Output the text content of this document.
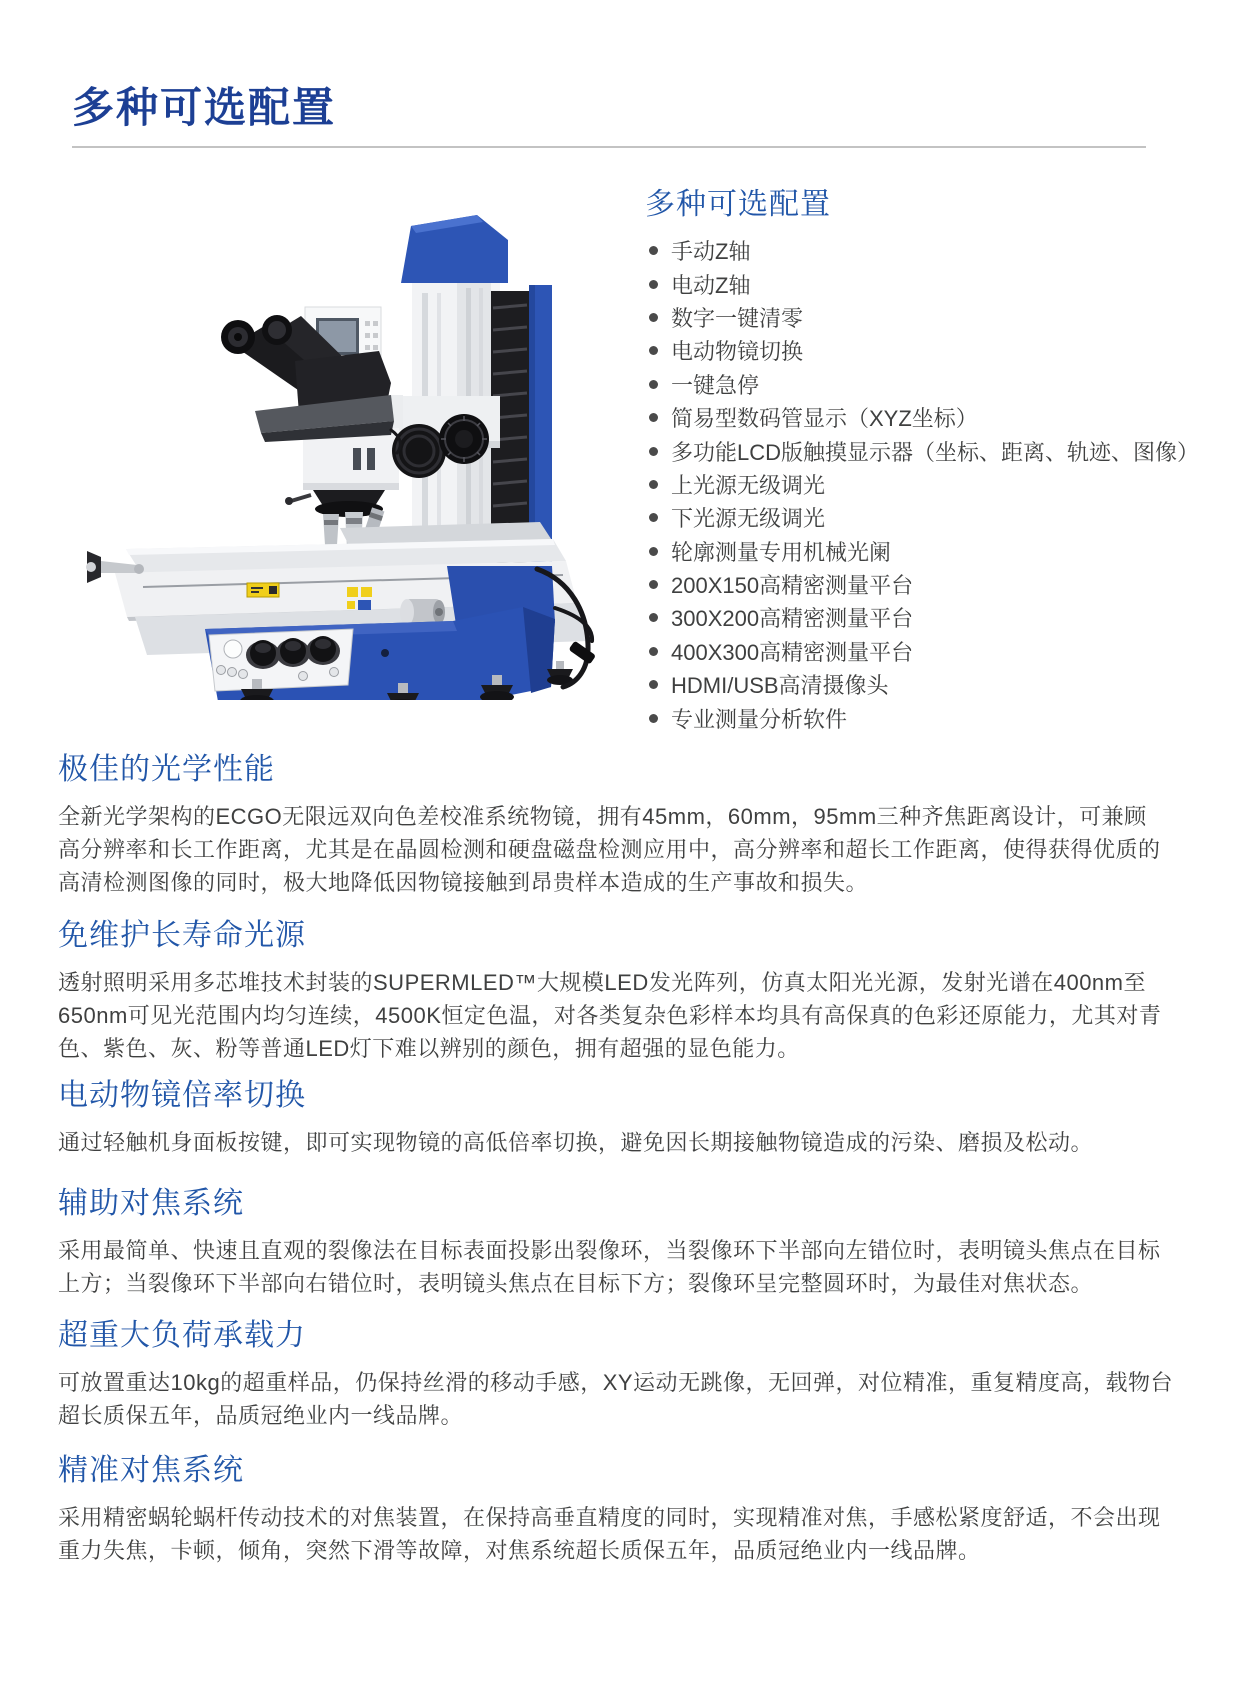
多种可选配置
多种可选配置
手动Z轴
电动Z轴
数字一键清零
电动物镜切换
一键急停
简易型数码管显示（XYZ坐标）
多功能LCD版触摸显示器（坐标、距离、轨迹、图像）
上光源无级调光
下光源无级调光
轮廓测量专用机械光阑
200X150高精密测量平台
300X200高精密测量平台
400X300高精密测量平台
HDMI/USB高清摄像头
专业测量分析软件
极佳的光学性能

全新光学架构的ECGO无限远双向色差校准系统物镜，拥有45mm，60mm，95mm三种齐焦距离设计，可兼顾

高分辨率和长工作距离，尤其是在晶圆检测和硬盘磁盘检测应用中，高分辨率和超长工作距离，使得获得优质的

高清检测图像的同时，极大地降低因物镜接触到昂贵样本造成的生产事故和损失。

免维护长寿命光源

透射照明采用多芯堆技术封装的SUPERMLED™大规模LED发光阵列，仿真太阳光光源，发射光谱在400nm至

650nm可见光范围内均匀连续，4500K恒定色温，对各类复杂色彩样本均具有高保真的色彩还原能力，尤其对青

色、紫色、灰、粉等普通LED灯下难以辨别的颜色，拥有超强的显色能力。

电动物镜倍率切换

通过轻触机身面板按键，即可实现物镜的高低倍率切换，避免因长期接触物镜造成的污染、磨损及松动。

辅助对焦系统

采用最简单、快速且直观的裂像法在目标表面投影出裂像环，当裂像环下半部向左错位时，表明镜头焦点在目标

上方；当裂像环下半部向右错位时，表明镜头焦点在目标下方；裂像环呈完整圆环时，为最佳对焦状态。

超重大负荷承载力

可放置重达10kg的超重样品，仍保持丝滑的移动手感，XY运动无跳像，无回弹，对位精准，重复精度高，载物台

超长质保五年，品质冠绝业内一线品牌。

精准对焦系统

采用精密蜗轮蜗杆传动技术的对焦装置，在保持高垂直精度的同时，实现精准对焦，手感松紧度舒适，不会出现

重力失焦，卡顿，倾角，突然下滑等故障，对焦系统超长质保五年，品质冠绝业内一线品牌。
